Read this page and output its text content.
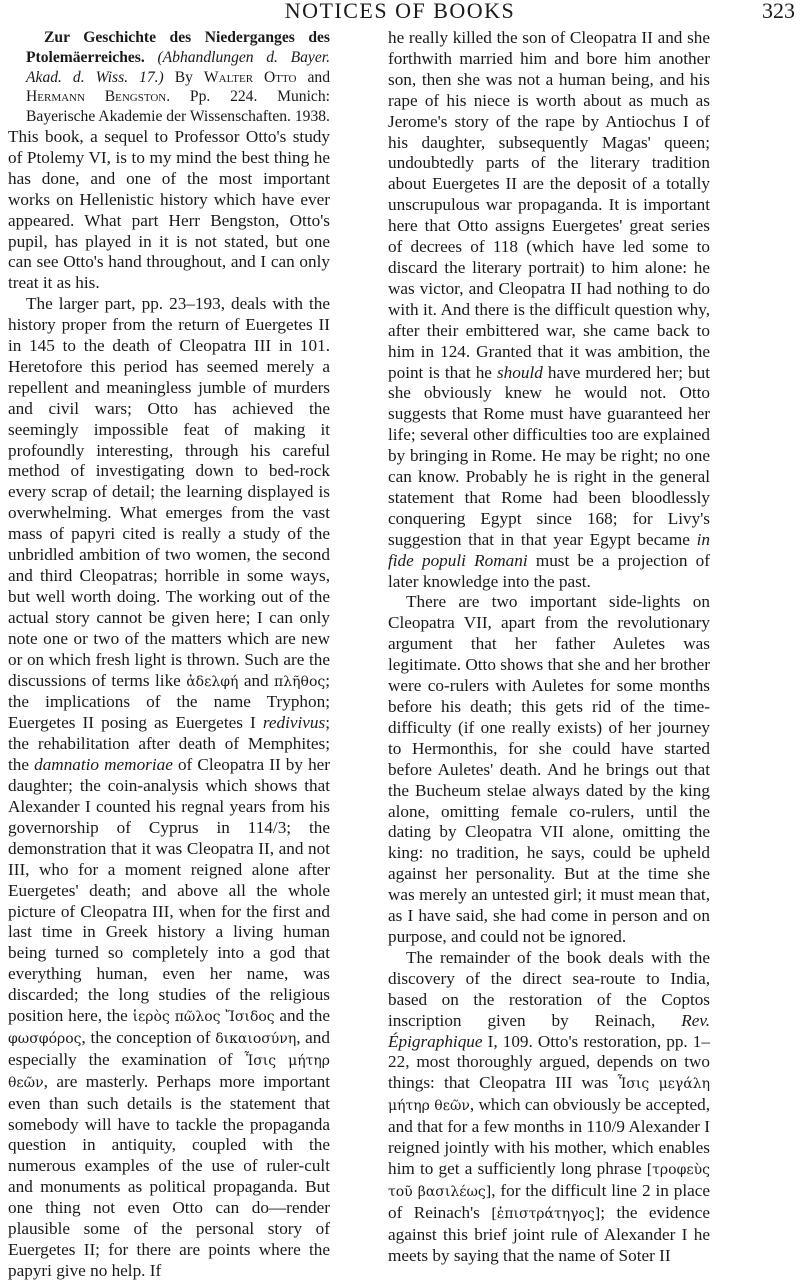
NOTICES OF BOOKS	323

Zur Geschichte des Niederganges des Ptolemäerreiches. (Abhandlungen d. Bayer. Akad. d. Wiss. 17.) By Walter Otto and Hermann Bengston. Pp. 224. Munich: Bayerische Akademie der Wissenschaften. 1938.

This book, a sequel to Professor Otto's study of Ptolemy VI, is to my mind the best thing he has done, and one of the most important works on Hellenistic history which have ever appeared. What part Herr Bengston, Otto's pupil, has played in it is not stated, but one can see Otto's hand throughout, and I can only treat it as his.

The larger part, pp. 23–193, deals with the history proper from the return of Euergetes II in 145 to the death of Cleopatra III in 101. Heretofore this period has seemed merely a repellent and meaningless jumble of murders and civil wars; Otto has achieved the seemingly impossible feat of making it profoundly interesting, through his careful method of investigating down to bed-rock every scrap of detail; the learning displayed is overwhelming. What emerges from the vast mass of papyri cited is really a study of the unbridled ambition of two women, the second and third Cleopatras; horrible in some ways, but well worth doing. The working out of the actual story cannot be given here; I can only note one or two of the matters which are new or on which fresh light is thrown. Such are the discussions of terms like ἀδελφή and πλῆθος; the implications of the name Tryphon; Euergetes II posing as Euergetes I redivivus; the rehabilitation after death of Memphites; the damnatio memoriae of Cleopatra II by her daughter; the coin-analysis which shows that Alexander I counted his regnal years from his governorship of Cyprus in 114/3; the demonstration that it was Cleopatra II, and not III, who for a moment reigned alone after Euergetes' death; and above all the whole picture of Cleopatra III, when for the first and last time in Greek history a living human being turned so completely into a god that everything human, even her name, was discarded; the long studies of the religious position here, the ἱερὸς πῶλος Ἴσιδος and the φωσφόρος, the conception of δικαιοσύνη, and especially the examination of Ἶσις μήτηρ θεῶν, are masterly. Perhaps more important even than such details is the statement that somebody will have to tackle the propaganda question in antiquity, coupled with the numerous examples of the use of ruler-cult and monuments as political propaganda. But one thing not even Otto can do—render plausible some of the personal story of Euergetes II; for there are points where the papyri give no help. If

he really killed the son of Cleopatra II and she forthwith married him and bore him another son, then she was not a human being, and his rape of his niece is worth about as much as Jerome's story of the rape by Antiochus I of his daughter, subsequently Magas' queen; undoubtedly parts of the literary tradition about Euergetes II are the deposit of a totally unscrupulous war propaganda. It is important here that Otto assigns Euergetes' great series of decrees of 118 (which have led some to discard the literary portrait) to him alone: he was victor, and Cleopatra II had nothing to do with it. And there is the difficult question why, after their embittered war, she came back to him in 124. Granted that it was ambition, the point is that he should have murdered her; but she obviously knew he would not. Otto suggests that Rome must have guaranteed her life; several other difficulties too are explained by bringing in Rome. He may be right; no one can know. Probably he is right in the general statement that Rome had been bloodlessly conquering Egypt since 168; for Livy's suggestion that in that year Egypt became in fide populi Romani must be a projection of later knowledge into the past.

There are two important side-lights on Cleopatra VII, apart from the revolutionary argument that her father Auletes was legitimate. Otto shows that she and her brother were co-rulers with Auletes for some months before his death; this gets rid of the time-difficulty (if one really exists) of her journey to Hermonthis, for she could have started before Auletes' death. And he brings out that the Bucheum stelae always dated by the king alone, omitting female co-rulers, until the dating by Cleopatra VII alone, omitting the king: no tradition, he says, could be upheld against her personality. But at the time she was merely an untested girl; it must mean that, as I have said, she had come in person and on purpose, and could not be ignored.

The remainder of the book deals with the discovery of the direct sea-route to India, based on the restoration of the Coptos inscription given by Reinach, Rev. Épigraphique I, 109. Otto's restoration, pp. 1–22, most thoroughly argued, depends on two things: that Cleopatra III was Ἶσις μεγάλη μήτηρ θεῶν, which can obviously be accepted, and that for a few months in 110/9 Alexander I reigned jointly with his mother, which enables him to get a sufficiently long phrase [τροφεὺς τοῦ βασιλέως], for the difficult line 2 in place of Reinach's [ἐπιστράτηγος]; the evidence against this brief joint rule of Alexander I he meets by saying that the name of Soter II
